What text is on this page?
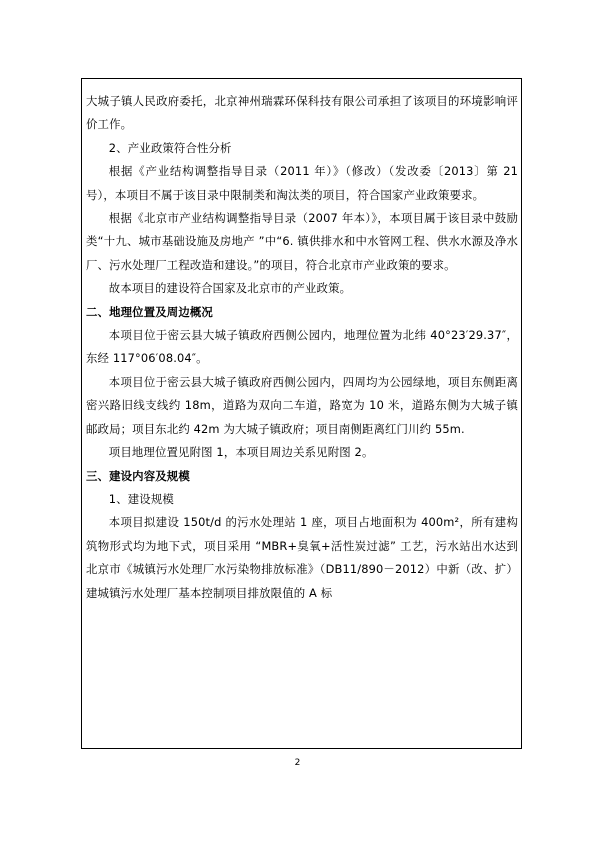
大城子镇人民政府委托，北京神州瑞霖环保科技有限公司承担了该项目的环境影响评价工作。

2、产业政策符合性分析

根据《产业结构调整指导目录（2011 年）》（修改）（发改委〔2013〕第 21 号），本项目不属于该目录中限制类和淘汰类的项目，符合国家产业政策要求。

根据《北京市产业结构调整指导目录（2007 年本）》，本项目属于该目录中鼓励类“十九、城市基础设施及房地产 ”中“6. 镇供排水和中水管网工程、供水水源及净水厂、污水处理厂工程改造和建设。”的项目，符合北京市产业政策的要求。

故本项目的建设符合国家及北京市的产业政策。

二、地理位置及周边概况

本项目位于密云县大城子镇政府西侧公园内，地理位置为北纬 40°23′29.37″，东经 117°06′08.04″。

本项目位于密云县大城子镇政府西侧公园内，四周均为公园绿地，项目东侧距离密兴路旧线支线约 18m，道路为双向二车道，路宽为 10 米，道路东侧为大城子镇邮政局；项目东北约 42m 为大城子镇政府；项目南侧距离红门川约 55m.

项目地理位置见附图 1，本项目周边关系见附图 2。

三、建设内容及规模

1、建设规模

本项目拟建设 150t/d 的污水处理站 1 座，项目占地面积为 400m²，所有建构筑物形式均为地下式，项目采用 “MBR+臭氧+活性炭过滤” 工艺，污水站出水达到北京市《城镇污水处理厂水污染物排放标准》（DB11/890－2012）中新（改、扩）建城镇污水处理厂基本控制项目排放限值的 A 标

2
